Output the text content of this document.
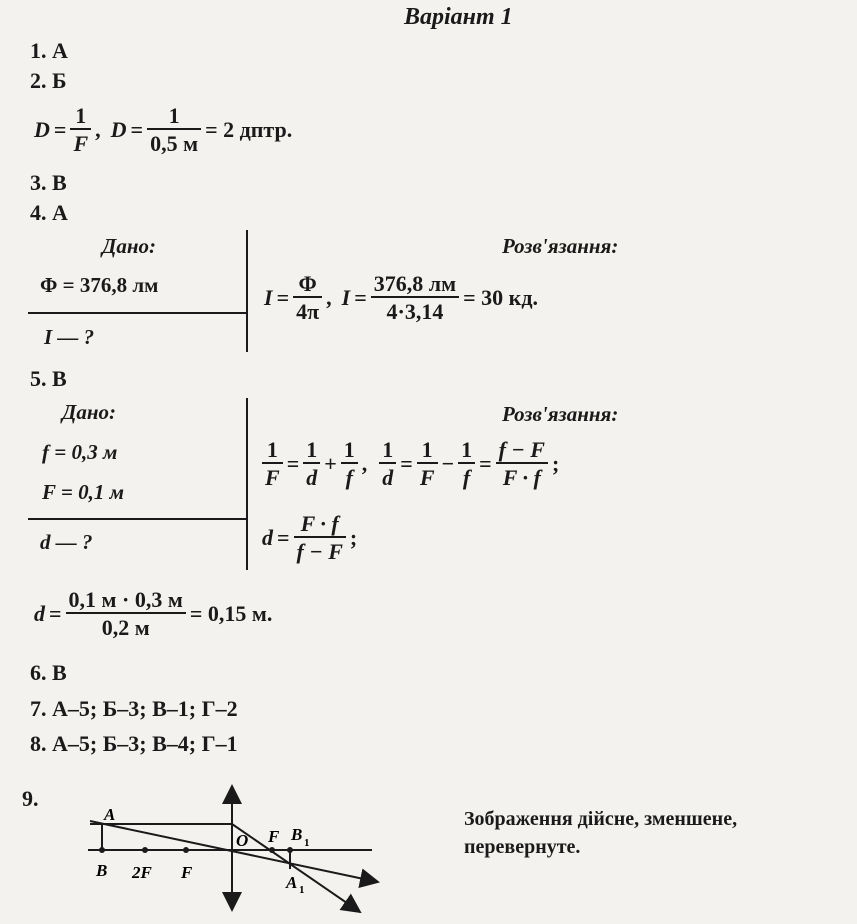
Варіант 1
1. А
2. Б
$D = \frac{1}{F}$ , $D = \frac{1}{0,5 м} = 2$ дптр.
3. В
4. А
Дано:	Розв'язання:
Φ = 376,8 лм
I — ?
$I = \frac{\Phi}{4\pi}$ , $I = \frac{376,8 лм}{4\cdot 3,14} = 30$ кд.
5. В
Дано:	Розв'язання:
f = 0,3 м
F = 0,1 м
d — ?
$\frac{1}{F} = \frac{1}{d} + \frac{1}{f}$ , $\frac{1}{d} = \frac{1}{F} - \frac{1}{f} = \frac{f - F}{F \cdot f}$ ;
$d = \frac{F \cdot f}{f - F}$ ;
$d = \frac{0,1 м \cdot 0,3 м}{0,2 м} = 0,15$ м.
6. В
7. А–5; Б–3; В–1; Г–2
8. А–5; Б–3; В–4; Г–1
9.
A
B 2F F
O F B 1
A 1
Зображення дійсне, зменшене,
перевернуте.
